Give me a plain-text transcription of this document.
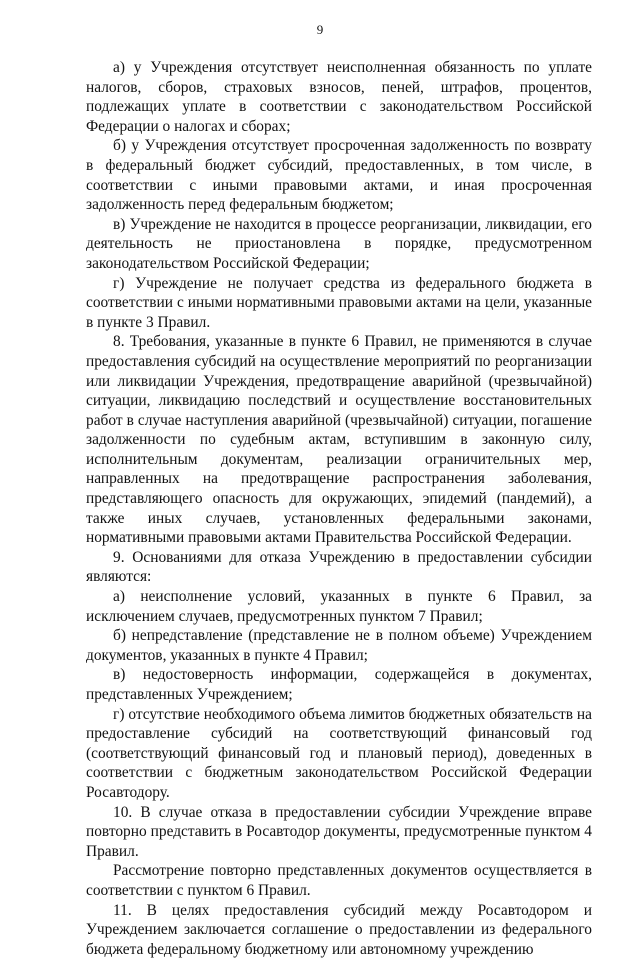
9

а) у Учреждения отсутствует неисполненная обязанность по уплате налогов, сборов, страховых взносов, пеней, штрафов, процентов, подлежащих уплате в соответствии с законодательством Российской Федерации о налогах и сборах;

б) у Учреждения отсутствует просроченная задолженность по возврату в федеральный бюджет субсидий, предоставленных, в том числе, в соответствии с иными правовыми актами, и иная просроченная задолженность перед федеральным бюджетом;

в) Учреждение не находится в процессе реорганизации, ликвидации, его деятельность не приостановлена в порядке, предусмотренном законодательством Российской Федерации;

г) Учреждение не получает средства из федерального бюджета в соответствии с иными нормативными правовыми актами на цели, указанные в пункте 3 Правил.

8. Требования, указанные в пункте 6 Правил, не применяются в случае предоставления субсидий на осуществление мероприятий по реорганизации или ликвидации Учреждения, предотвращение аварийной (чрезвычайной) ситуации, ликвидацию последствий и осуществление восстановительных работ в случае наступления аварийной (чрезвычайной) ситуации, погашение задолженности по судебным актам, вступившим в законную силу, исполнительным документам, реализации ограничительных мер, направленных на предотвращение распространения заболевания, представляющего опасность для окружающих, эпидемий (пандемий), а также иных случаев, установленных федеральными законами, нормативными правовыми актами Правительства Российской Федерации.

9. Основаниями для отказа Учреждению в предоставлении субсидии являются:

а) неисполнение условий, указанных в пункте 6 Правил, за исключением случаев, предусмотренных пунктом 7 Правил;

б) непредставление (представление не в полном объеме) Учреждением документов, указанных в пункте 4 Правил;

в) недостоверность информации, содержащейся в документах, представленных Учреждением;

г) отсутствие необходимого объема лимитов бюджетных обязательств на предоставление субсидий на соответствующий финансовый год (соответствующий финансовый год и плановый период), доведенных в соответствии с бюджетным законодательством Российской Федерации Росавтодору.

10. В случае отказа в предоставлении субсидии Учреждение вправе повторно представить в Росавтодор документы, предусмотренные пунктом 4 Правил.

Рассмотрение повторно представленных документов осуществляется в соответствии с пунктом 6 Правил.

11. В целях предоставления субсидий между Росавтодором и Учреждением заключается соглашение о предоставлении из федерального бюджета федеральному бюджетному или автономному учреждению
